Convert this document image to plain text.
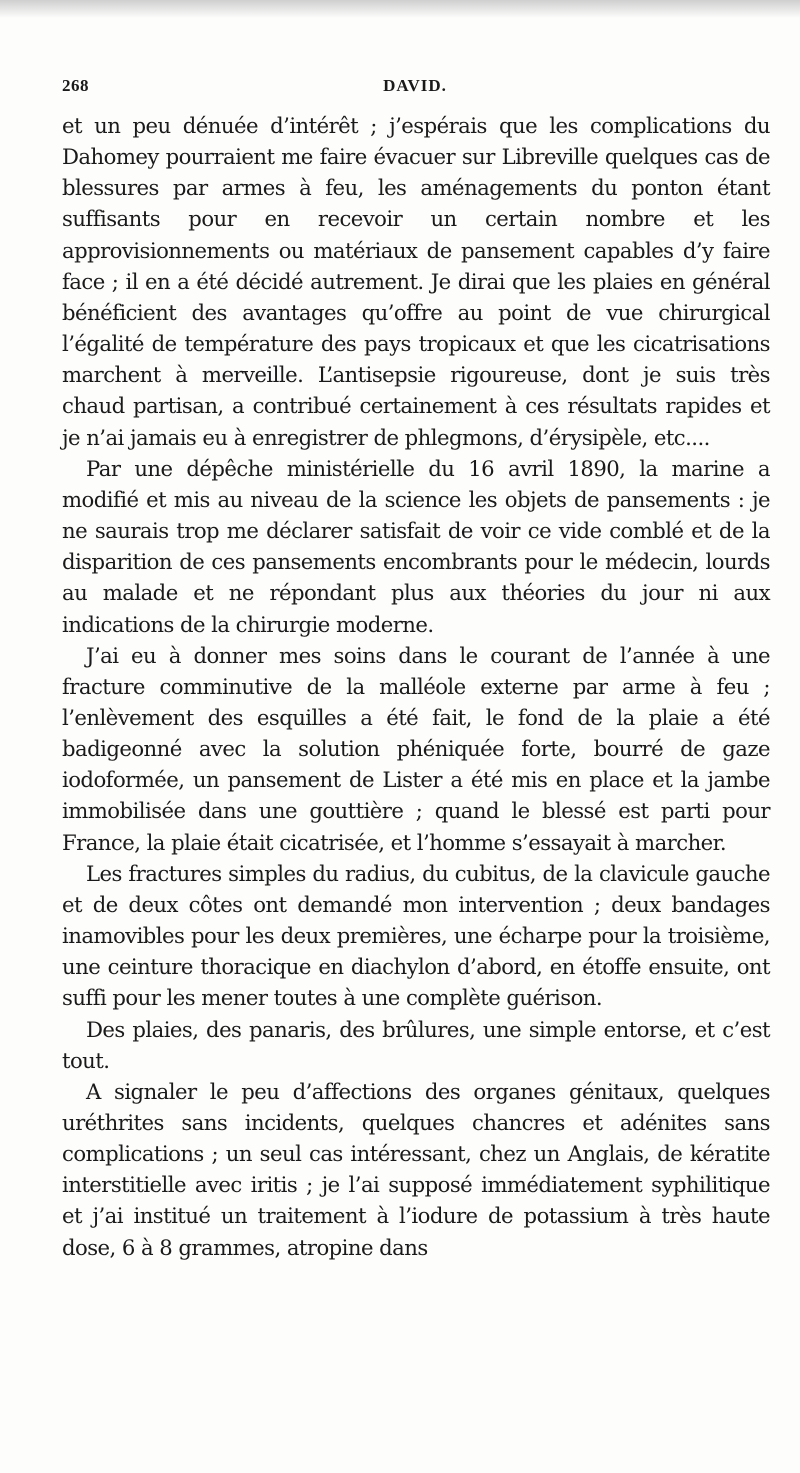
268	DAVID.

et un peu dénuée d’intérêt ; j’espérais que les complications du Dahomey pourraient me faire évacuer sur Libreville quelques cas de blessures par armes à feu, les aménagements du ponton étant suffisants pour en recevoir un certain nombre et les approvisionnements ou matériaux de pansement capables d’y faire face ; il en a été décidé autrement. Je dirai que les plaies en général bénéficient des avantages qu’offre au point de vue chirurgical l’égalité de température des pays tropicaux et que les cicatrisations marchent à merveille. L’antisepsie rigoureuse, dont je suis très chaud partisan, a contribué certainement à ces résultats rapides et je n’ai jamais eu à enregistrer de phlegmons, d’érysipèle, etc....

Par une dépêche ministérielle du 16 avril 1890, la marine a modifié et mis au niveau de la science les objets de pansements : je ne saurais trop me déclarer satisfait de voir ce vide comblé et de la disparition de ces pansements encombrants pour le médecin, lourds au malade et ne répondant plus aux théories du jour ni aux indications de la chirurgie moderne.

J’ai eu à donner mes soins dans le courant de l’année à une fracture comminutive de la malléole externe par arme à feu ; l’enlèvement des esquilles a été fait, le fond de la plaie a été badigeonné avec la solution phéniquée forte, bourré de gaze iodoformée, un pansement de Lister a été mis en place et la jambe immobilisée dans une gouttière ; quand le blessé est parti pour France, la plaie était cicatrisée, et l’homme s’essayait à marcher.

Les fractures simples du radius, du cubitus, de la clavicule gauche et de deux côtes ont demandé mon intervention ; deux bandages inamovibles pour les deux premières, une écharpe pour la troisième, une ceinture thoracique en diachylon d’abord, en étoffe ensuite, ont suffi pour les mener toutes à une complète guérison.

Des plaies, des panaris, des brûlures, une simple entorse, et c’est tout.

A signaler le peu d’affections des organes génitaux, quelques uréthrites sans incidents, quelques chancres et adénites sans complications ; un seul cas intéressant, chez un Anglais, de kératite interstitielle avec iritis ; je l’ai supposé immédiatement syphilitique et j’ai institué un traitement à l’iodure de potassium à très haute dose, 6 à 8 grammes, atropine dans
